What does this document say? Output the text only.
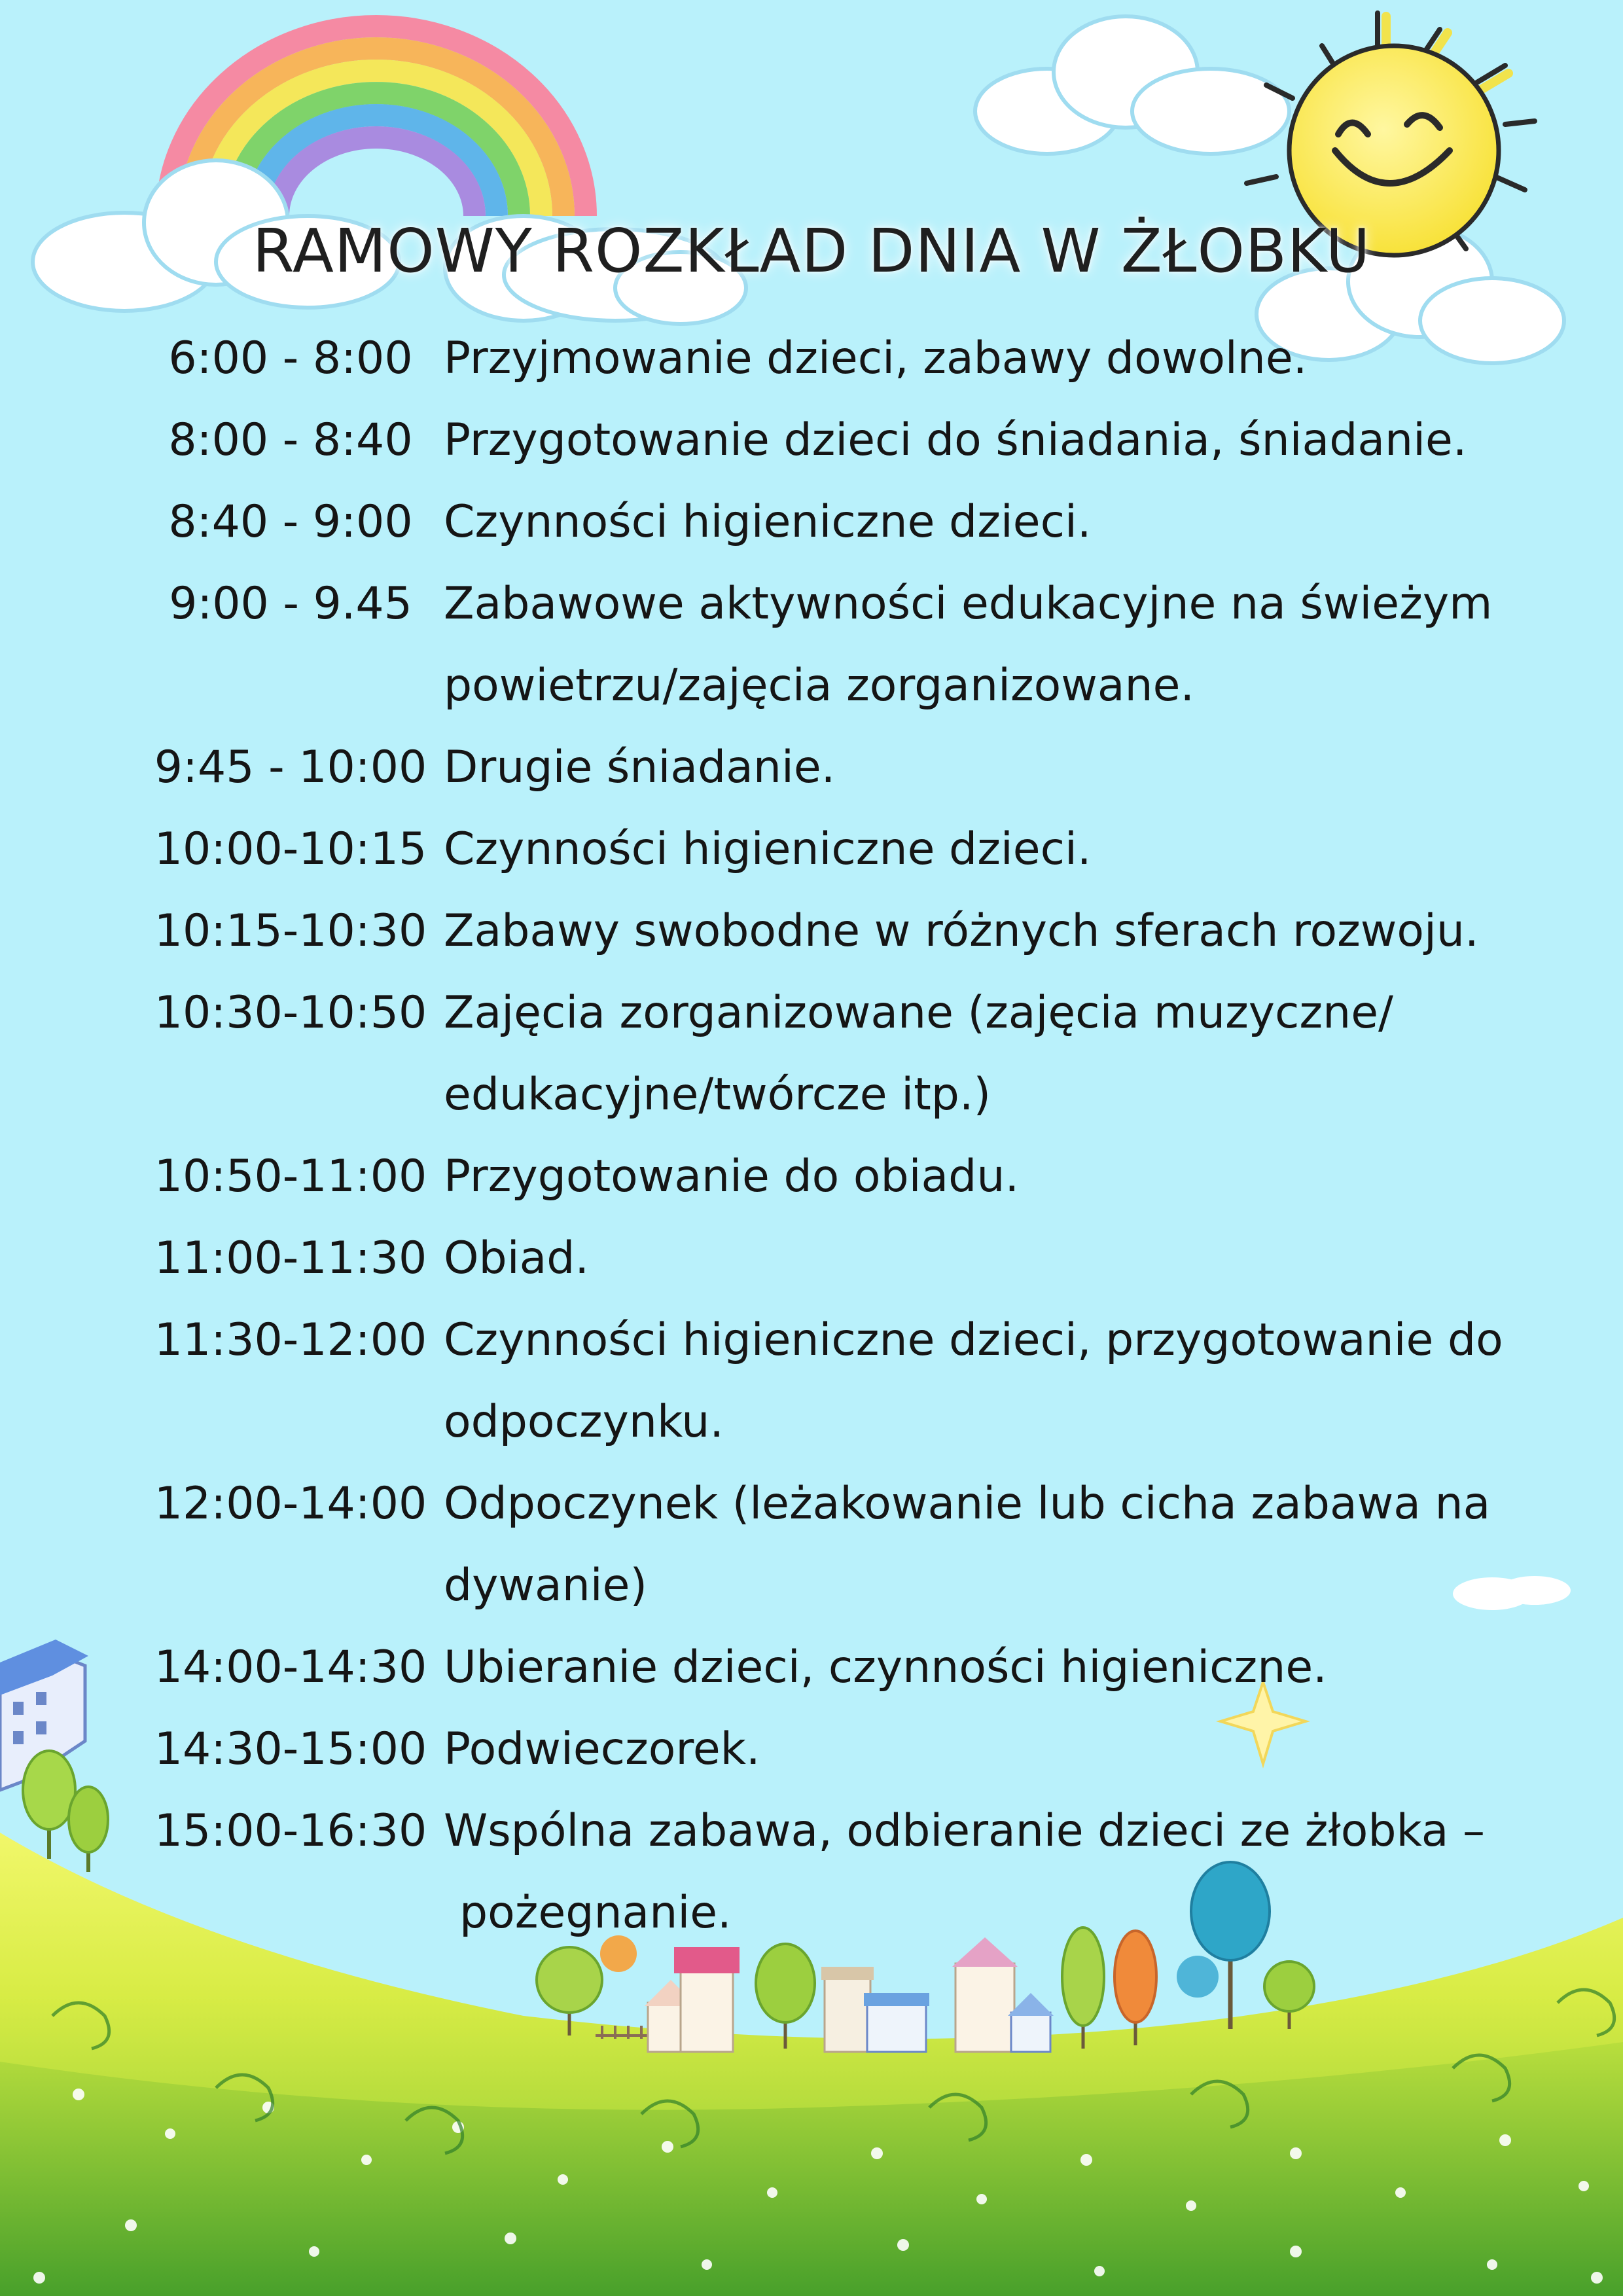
RAMOWY ROZKŁAD DNIA W ŻŁOBKU
6:00 - 8:00 Przyjmowanie dzieci, zabawy dowolne.
8:00 - 8:40 Przygotowanie dzieci do śniadania, śniadanie.
8:40 - 9:00 Czynności higieniczne dzieci.
9:00 - 9.45 Zabawowe aktywności edukacyjne na świeżym
powietrzu/zajęcia zorganizowane.
9:45 - 10:00 Drugie śniadanie.
10:00-10:15 Czynności higieniczne dzieci.
10:15-10:30 Zabawy swobodne w różnych sferach rozwoju.
10:30-10:50 Zajęcia zorganizowane (zajęcia muzyczne/
edukacyjne/twórcze itp.)
10:50-11:00 Przygotowanie do obiadu.
11:00-11:30 Obiad.
11:30-12:00 Czynności higieniczne dzieci, przygotowanie do
odpoczynku.
12:00-14:00 Odpoczynek (leżakowanie lub cicha zabawa na
dywanie)
14:00-14:30 Ubieranie dzieci, czynności higieniczne.
14:30-15:00 Podwieczorek.
15:00-16:30 Wspólna zabawa, odbieranie dzieci ze żłobka –
pożegnanie.
